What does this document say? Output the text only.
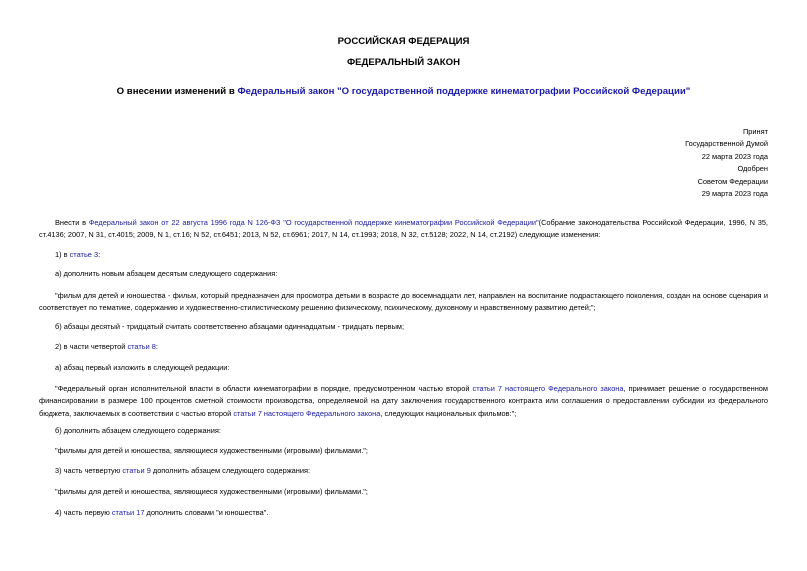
РОССИЙСКАЯ ФЕДЕРАЦИЯ
ФЕДЕРАЛЬНЫЙ ЗАКОН
О внесении изменений в Федеральный закон "О государственной поддержке кинематографии Российской Федерации"
Принят
Государственной Думой
22 марта 2023 года
Одобрен
Советом Федерации
29 марта 2023 года
Внести в Федеральный закон от 22 августа 1996 года N 126-ФЗ "О государственной поддержке кинематографии Российской Федерации"(Собрание законодательства Российской Федерации, 1996, N 35, ст.4136; 2007, N 31, ст.4015; 2009, N 1, ст.16; N 52, ст.6451; 2013, N 52, ст.6961; 2017, N 14, ст.1993; 2018, N 32, ст.5128; 2022, N 14, ст.2192) следующие изменения:
1) в статье 3:
а) дополнить новым абзацем десятым следующего содержания:
"фильм для детей и юношества - фильм, который предназначен для просмотра детьми в возрасте до восемнадцати лет, направлен на воспитание подрастающего поколения, создан на основе сценария и соответствует по тематике, содержанию и художественно-стилистическому решению физическому, психическому, духовному и нравственному развитию детей;";
б) абзацы десятый - тридцатый считать соответственно абзацами одиннадцатым - тридцать первым;
2) в части четвертой статьи 8:
а) абзац первый изложить в следующей редакции:
"Федеральный орган исполнительной власти в области кинематографии в порядке, предусмотренном частью второй статьи 7 настоящего Федерального закона, принимает решение о государственном финансировании в размере 100 процентов сметной стоимости производства, определяемой на дату заключения государственного контракта или соглашения о предоставлении субсидии из федерального бюджета, заключаемых в соответствии с частью второй статьи 7 настоящего Федерального закона, следующих национальных фильмов:";
б) дополнить абзацем следующего содержания:
"фильмы для детей и юношества, являющиеся художественными (игровыми) фильмами.";
3) часть четвертую статьи 9 дополнить абзацем следующего содержания:
"фильмы для детей и юношества, являющиеся художественными (игровыми) фильмами.";
4) часть первую статьи 17 дополнить словами "и юношества".
